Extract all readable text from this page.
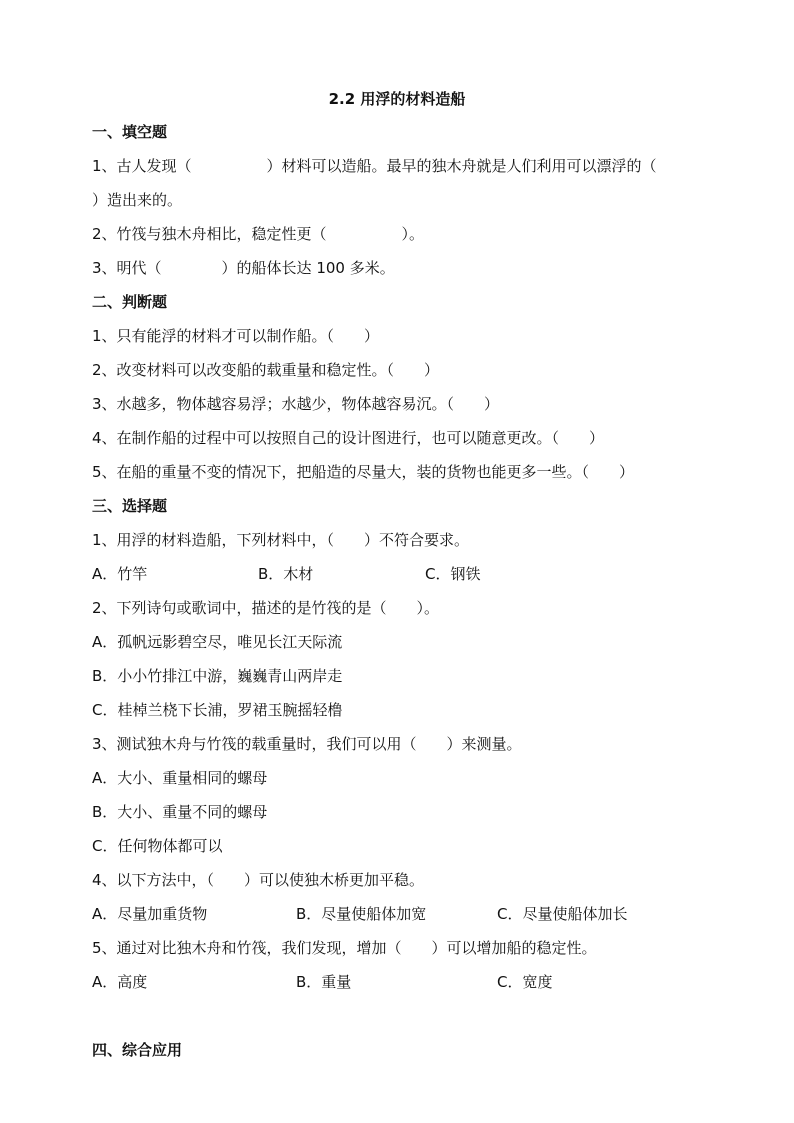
2.2 用浮的材料造船
一、填空题
1、古人发现（　　　　　）材料可以造船。最早的独木舟就是人们利用可以漂浮的（
）造出来的。
2、竹筏与独木舟相比，稳定性更（　　　　　）。
3、明代（　　　　）的船体长达 100 多米。
二、判断题
1、只有能浮的材料才可以制作船。（　　）
2、改变材料可以改变船的载重量和稳定性。（　　）
3、水越多，物体越容易浮；水越少，物体越容易沉。（　　）
4、在制作船的过程中可以按照自己的设计图进行，也可以随意更改。（　　）
5、在船的重量不变的情况下，把船造的尽量大，装的货物也能更多一些。（　　）
三、选择题
1、用浮的材料造船，下列材料中，（　　）不符合要求。
A．竹竿	B．木材	C．钢铁
2、下列诗句或歌词中，描述的是竹筏的是（　　）。
A．孤帆远影碧空尽，唯见长江天际流
B．小小竹排江中游，巍巍青山两岸走
C．桂棹兰桡下长浦，罗裙玉腕摇轻橹
3、测试独木舟与竹筏的载重量时，我们可以用（　　）来测量。
A．大小、重量相同的螺母
B．大小、重量不同的螺母
C．任何物体都可以
4、以下方法中，（　　）可以使独木桥更加平稳。
A．尽量加重货物	B．尽量使船体加宽	C．尽量使船体加长
5、通过对比独木舟和竹筏，我们发现，增加（　　）可以增加船的稳定性。
A．高度	B．重量	C．宽度
四、综合应用
